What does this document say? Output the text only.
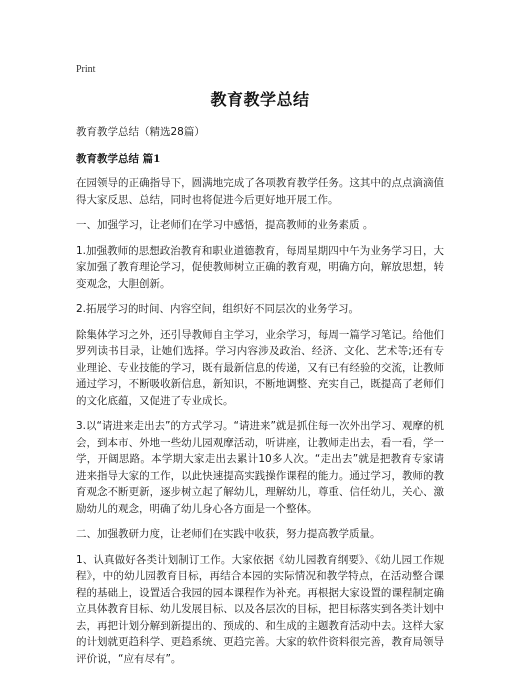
Print
教育教学总结
教育教学总结（精选28篇）
教育教学总结 篇1

在园领导的正确指导下，圆满地完成了各项教育教学任务。这其中的点点滴滴值得大家反思、总结，同时也将促进今后更好地开展工作。

一、加强学习，让老师们在学习中感悟，提高教师的业务素质 。

1.加强教师的思想政治教育和职业道德教育，每周星期四中午为业务学习日，大家加强了教育理论学习，促使教师树立正确的教育观，明确方向，解放思想，转变观念，大胆创新。

2.拓展学习的时间、内容空间，组织好不同层次的业务学习。

除集体学习之外，还引导教师自主学习，业余学习，每周一篇学习笔记。给他们罗列读书目录，让她们选择。学习内容涉及政治、经济、文化、艺术等;还有专业理论、专业技能的学习，既有最新信息的传递，又有已有经验的交流，让教师通过学习，不断吸收新信息，新知识，不断地调整、充实自己，既提高了老师们的文化底蕴，又促进了专业成长。

3.以“请进来走出去”的方式学习。“请进来”就是抓住每一次外出学习、观摩的机会，到本市、外地一些幼儿园观摩活动，听讲座，让教师走出去，看一看，学一学，开阔思路。本学期大家走出去累计10多人次。“走出去”就是把教育专家请进来指导大家的工作，以此快速提高实践操作课程的能力。通过学习，教师的教育观念不断更新，逐步树立起了解幼儿，理解幼儿，尊重、信任幼儿，关心、激励幼儿的观念，明确了幼儿身心各方面是一个整体。

二、加强教研力度，让老师们在实践中收获，努力提高教学质量。

1、认真做好各类计划制订工作。大家依据《幼儿园教育纲要》、《幼儿园工作规程》，中的幼儿园教育目标，再结合本园的实际情况和教学特点，在活动整合课程的基础上，设置适合我园的园本课程作为补充。再根据大家设置的课程制定确立具体教育目标、幼儿发展目标、以及各层次的目标，把目标落实到各类计划中去，再把计划分解到新提出的、预成的、和生成的主题教育活动中去。这样大家的计划就更趋科学、更趋系统、更趋完善。大家的软件资料很完善，教育局领导评价说，“应有尽有”。
